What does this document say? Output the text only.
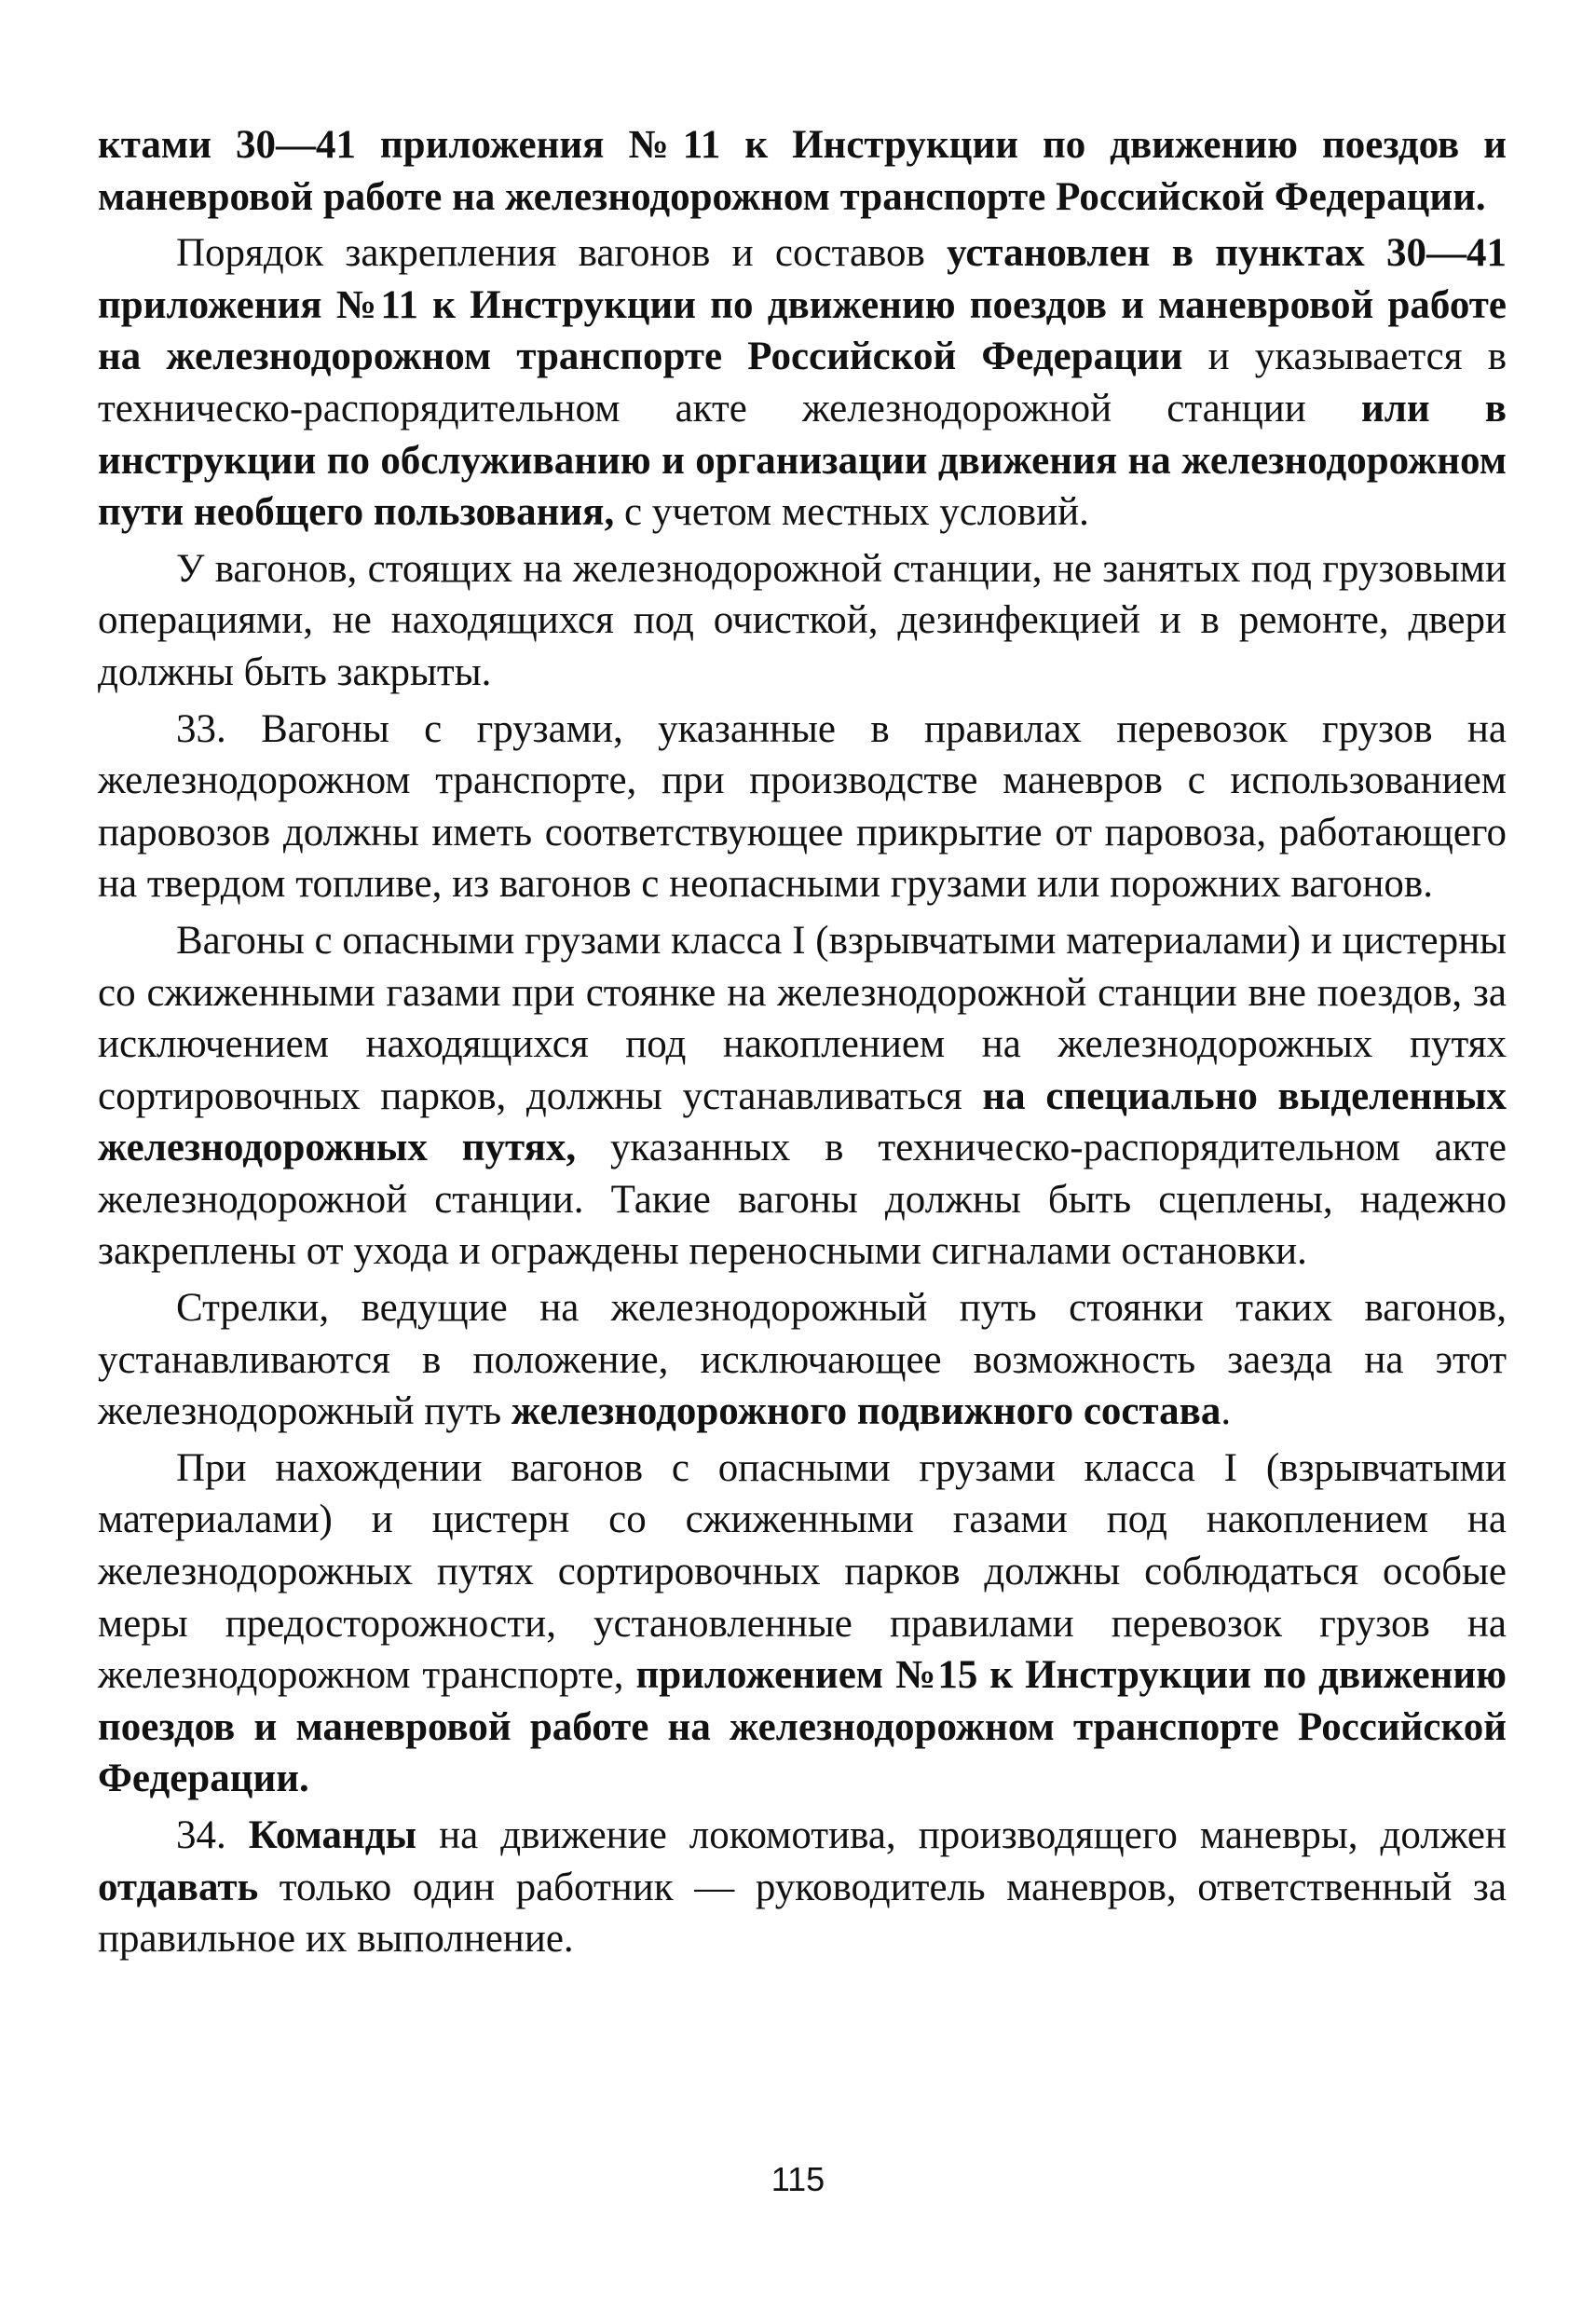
ктами 30—41 приложения №11 к Инструкции по движению поездов и маневровой работе на железнодорожном транспорте Российской Федерации.

Порядок закрепления вагонов и составов установлен в пунктах 30—41 приложения №11 к Инструкции по движению поездов и маневровой работе на железнодорожном транспорте Российской Федерации и указывается в техническо-распорядительном акте железнодорожной станции или в инструкции по обслуживанию и организации движения на железнодорожном пути необщего пользования, с учетом местных условий.

У вагонов, стоящих на железнодорожной станции, не занятых под грузовыми операциями, не находящихся под очисткой, дезинфекцией и в ремонте, двери должны быть закрыты.

33. Вагоны с грузами, указанные в правилах перевозок грузов на железнодорожном транспорте, при производстве маневров с использованием паровозов должны иметь соответствующее прикрытие от паровоза, работающего на твердом топливе, из вагонов с неопасными грузами или порожних вагонов.

Вагоны с опасными грузами класса I (взрывчатыми материалами) и цистерны со сжиженными газами при стоянке на железнодорожной станции вне поездов, за исключением находящихся под накоплением на железнодорожных путях сортировочных парков, должны устанавливаться на специально выделенных железнодорожных путях, указанных в техническо-распорядительном акте железнодорожной станции. Такие вагоны должны быть сцеплены, надежно закреплены от ухода и ограждены переносными сигналами остановки.

Стрелки, ведущие на железнодорожный путь стоянки таких вагонов, устанавливаются в положение, исключающее возможность заезда на этот железнодорожный путь железнодорожного подвижного состава.

При нахождении вагонов с опасными грузами класса I (взрывчатыми материалами) и цистерн со сжиженными газами под накоплением на железнодорожных путях сортировочных парков должны соблюдаться особые меры предосторожности, установленные правилами перевозок грузов на железнодорожном транспорте, приложением №15 к Инструкции по движению поездов и маневровой работе на железнодорожном транспорте Российской Федерации.

34. Команды на движение локомотива, производящего маневры, должен отдавать только один работник — руководитель маневров, ответственный за правильное их выполнение.

115
